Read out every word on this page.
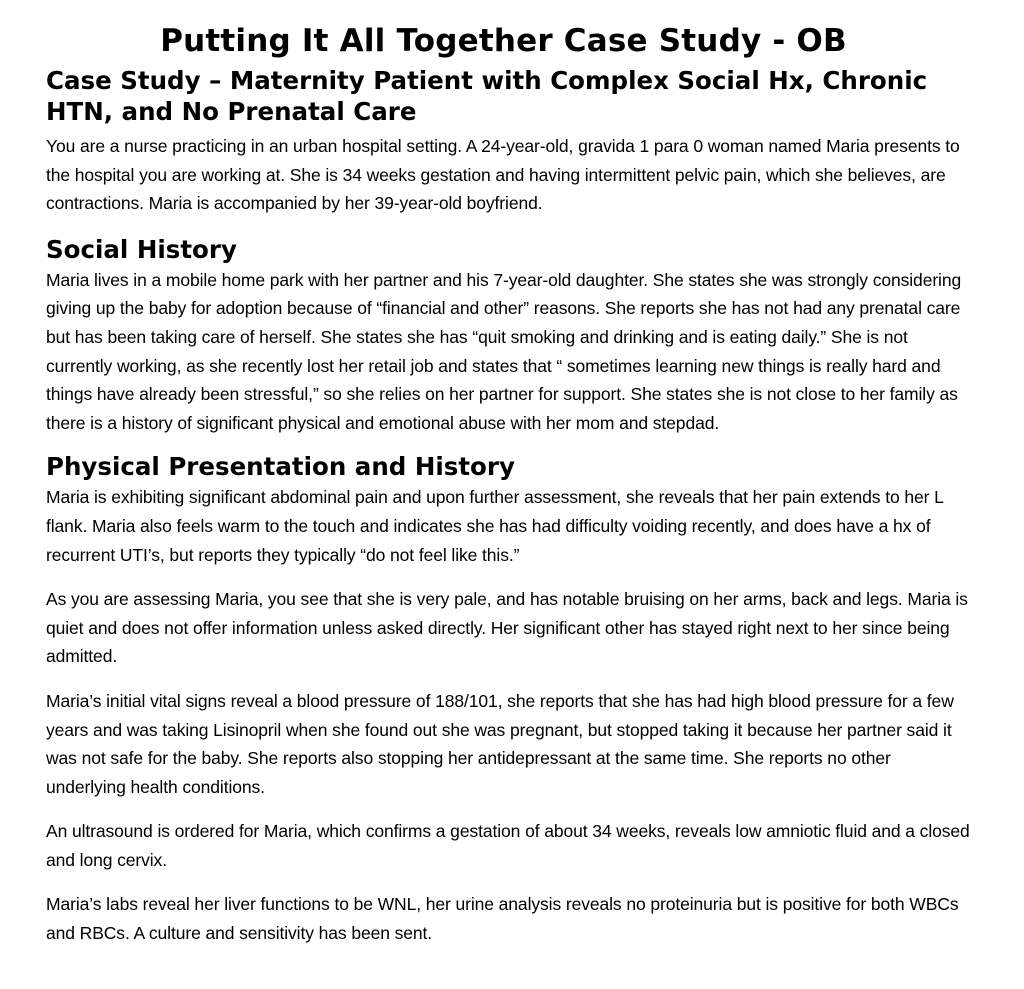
Putting It All Together Case Study - OB
Case Study – Maternity Patient with Complex Social Hx, Chronic HTN, and No Prenatal Care

You are a nurse practicing in an urban hospital setting. A 24-year-old, gravida 1 para 0 woman named Maria presents to the hospital you are working at. She is 34 weeks gestation and having intermittent pelvic pain, which she believes, are contractions. Maria is accompanied by her 39-year-old boyfriend.

Social History

Maria lives in a mobile home park with her partner and his 7-year-old daughter. She states she was strongly considering giving up the baby for adoption because of “financial and other” reasons. She reports she has not had any prenatal care but has been taking care of herself. She states she has “quit smoking and drinking and is eating daily.” She is not currently working, as she recently lost her retail job and states that “ sometimes learning new things is really hard and things have already been stressful,” so she relies on her partner for support. She states she is not close to her family as there is a history of significant physical and emotional abuse with her mom and stepdad.

Physical Presentation and History

Maria is exhibiting significant abdominal pain and upon further assessment, she reveals that her pain extends to her L flank. Maria also feels warm to the touch and indicates she has had difficulty voiding recently, and does have a hx of recurrent UTI’s, but reports they typically “do not feel like this.”

As you are assessing Maria, you see that she is very pale, and has notable bruising on her arms, back and legs. Maria is quiet and does not offer information unless asked directly. Her significant other has stayed right next to her since being admitted.

Maria’s initial vital signs reveal a blood pressure of 188/101, she reports that she has had high blood pressure for a few years and was taking Lisinopril when she found out she was pregnant, but stopped taking it because her partner said it was not safe for the baby. She reports also stopping her antidepressant at the same time. She reports no other underlying health conditions.

An ultrasound is ordered for Maria, which confirms a gestation of about 34 weeks, reveals low amniotic fluid and a closed and long cervix.

Maria’s labs reveal her liver functions to be WNL, her urine analysis reveals no proteinuria but is positive for both WBCs and RBCs. A culture and sensitivity has been sent.
